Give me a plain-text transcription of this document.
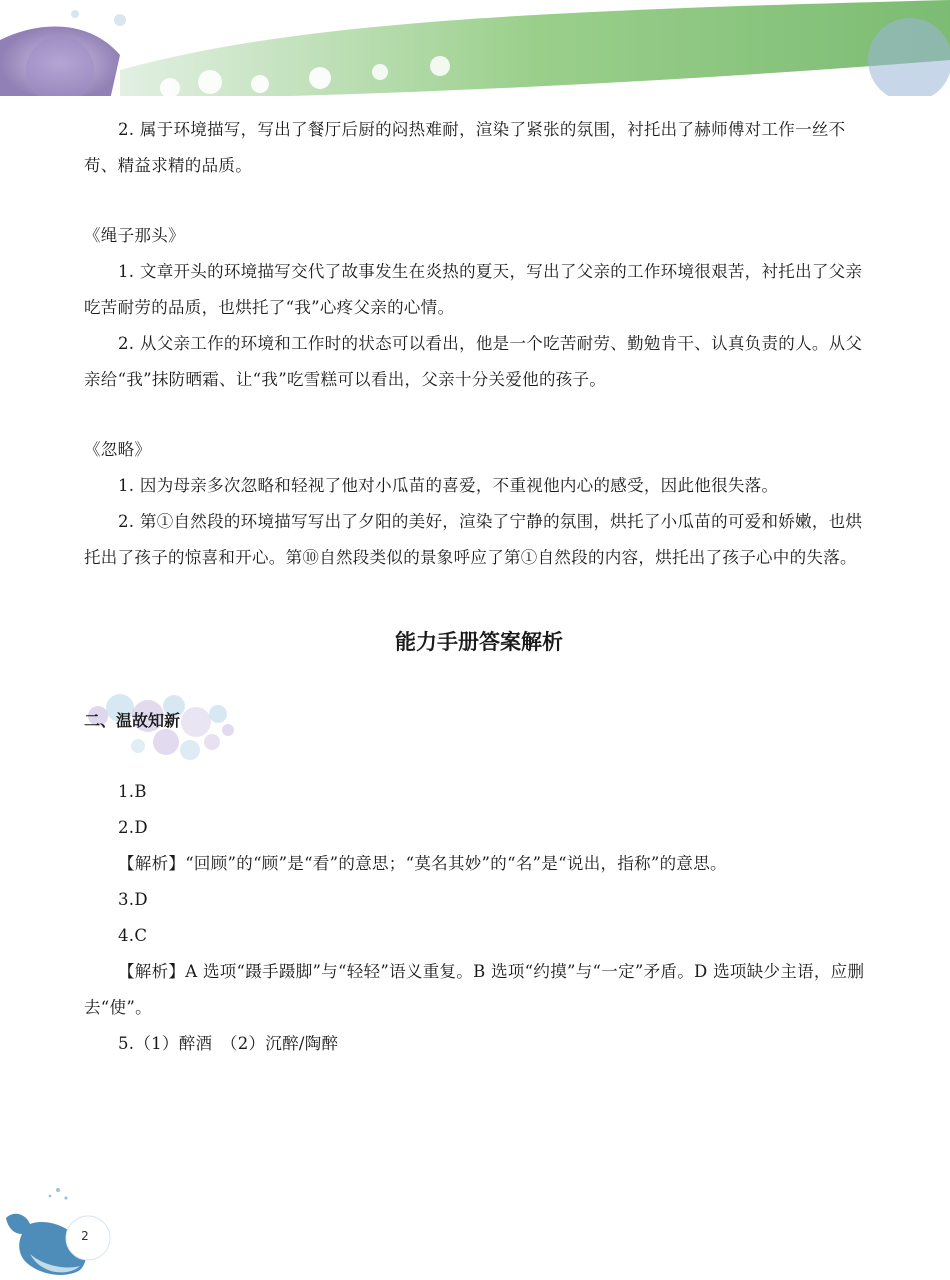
2. 属于环境描写，写出了餐厅后厨的闷热难耐，渲染了紧张的氛围，衬托出了赫师傅对工作一丝不苟、精益求精的品质。

《绳子那头》

1. 文章开头的环境描写交代了故事发生在炎热的夏天，写出了父亲的工作环境很艰苦，衬托出了父亲吃苦耐劳的品质，也烘托了“我”心疼父亲的心情。

2. 从父亲工作的环境和工作时的状态可以看出，他是一个吃苦耐劳、勤勉肯干、认真负责的人。从父亲给“我”抹防晒霜、让“我”吃雪糕可以看出，父亲十分关爱他的孩子。

《忽略》

1. 因为母亲多次忽略和轻视了他对小瓜苗的喜爱，不重视他内心的感受，因此他很失落。

2. 第①自然段的环境描写写出了夕阳的美好，渲染了宁静的氛围，烘托了小瓜苗的可爱和娇嫩，也烘托出了孩子的惊喜和开心。第⑩自然段类似的景象呼应了第①自然段的内容，烘托出了孩子心中的失落。

能力手册答案解析
二、温故知新

1.B

2.D

【解析】“回顾”的“顾”是“看”的意思；“莫名其妙”的“名”是“说出，指称”的意思。

3.D

4.C

【解析】A 选项“蹑手蹑脚”与“轻轻”语义重复。B 选项“约摸”与“一定”矛盾。D 选项缺少主语，应删去“使”。

5.（1）醉酒　（2）沉醉/陶醉

2
